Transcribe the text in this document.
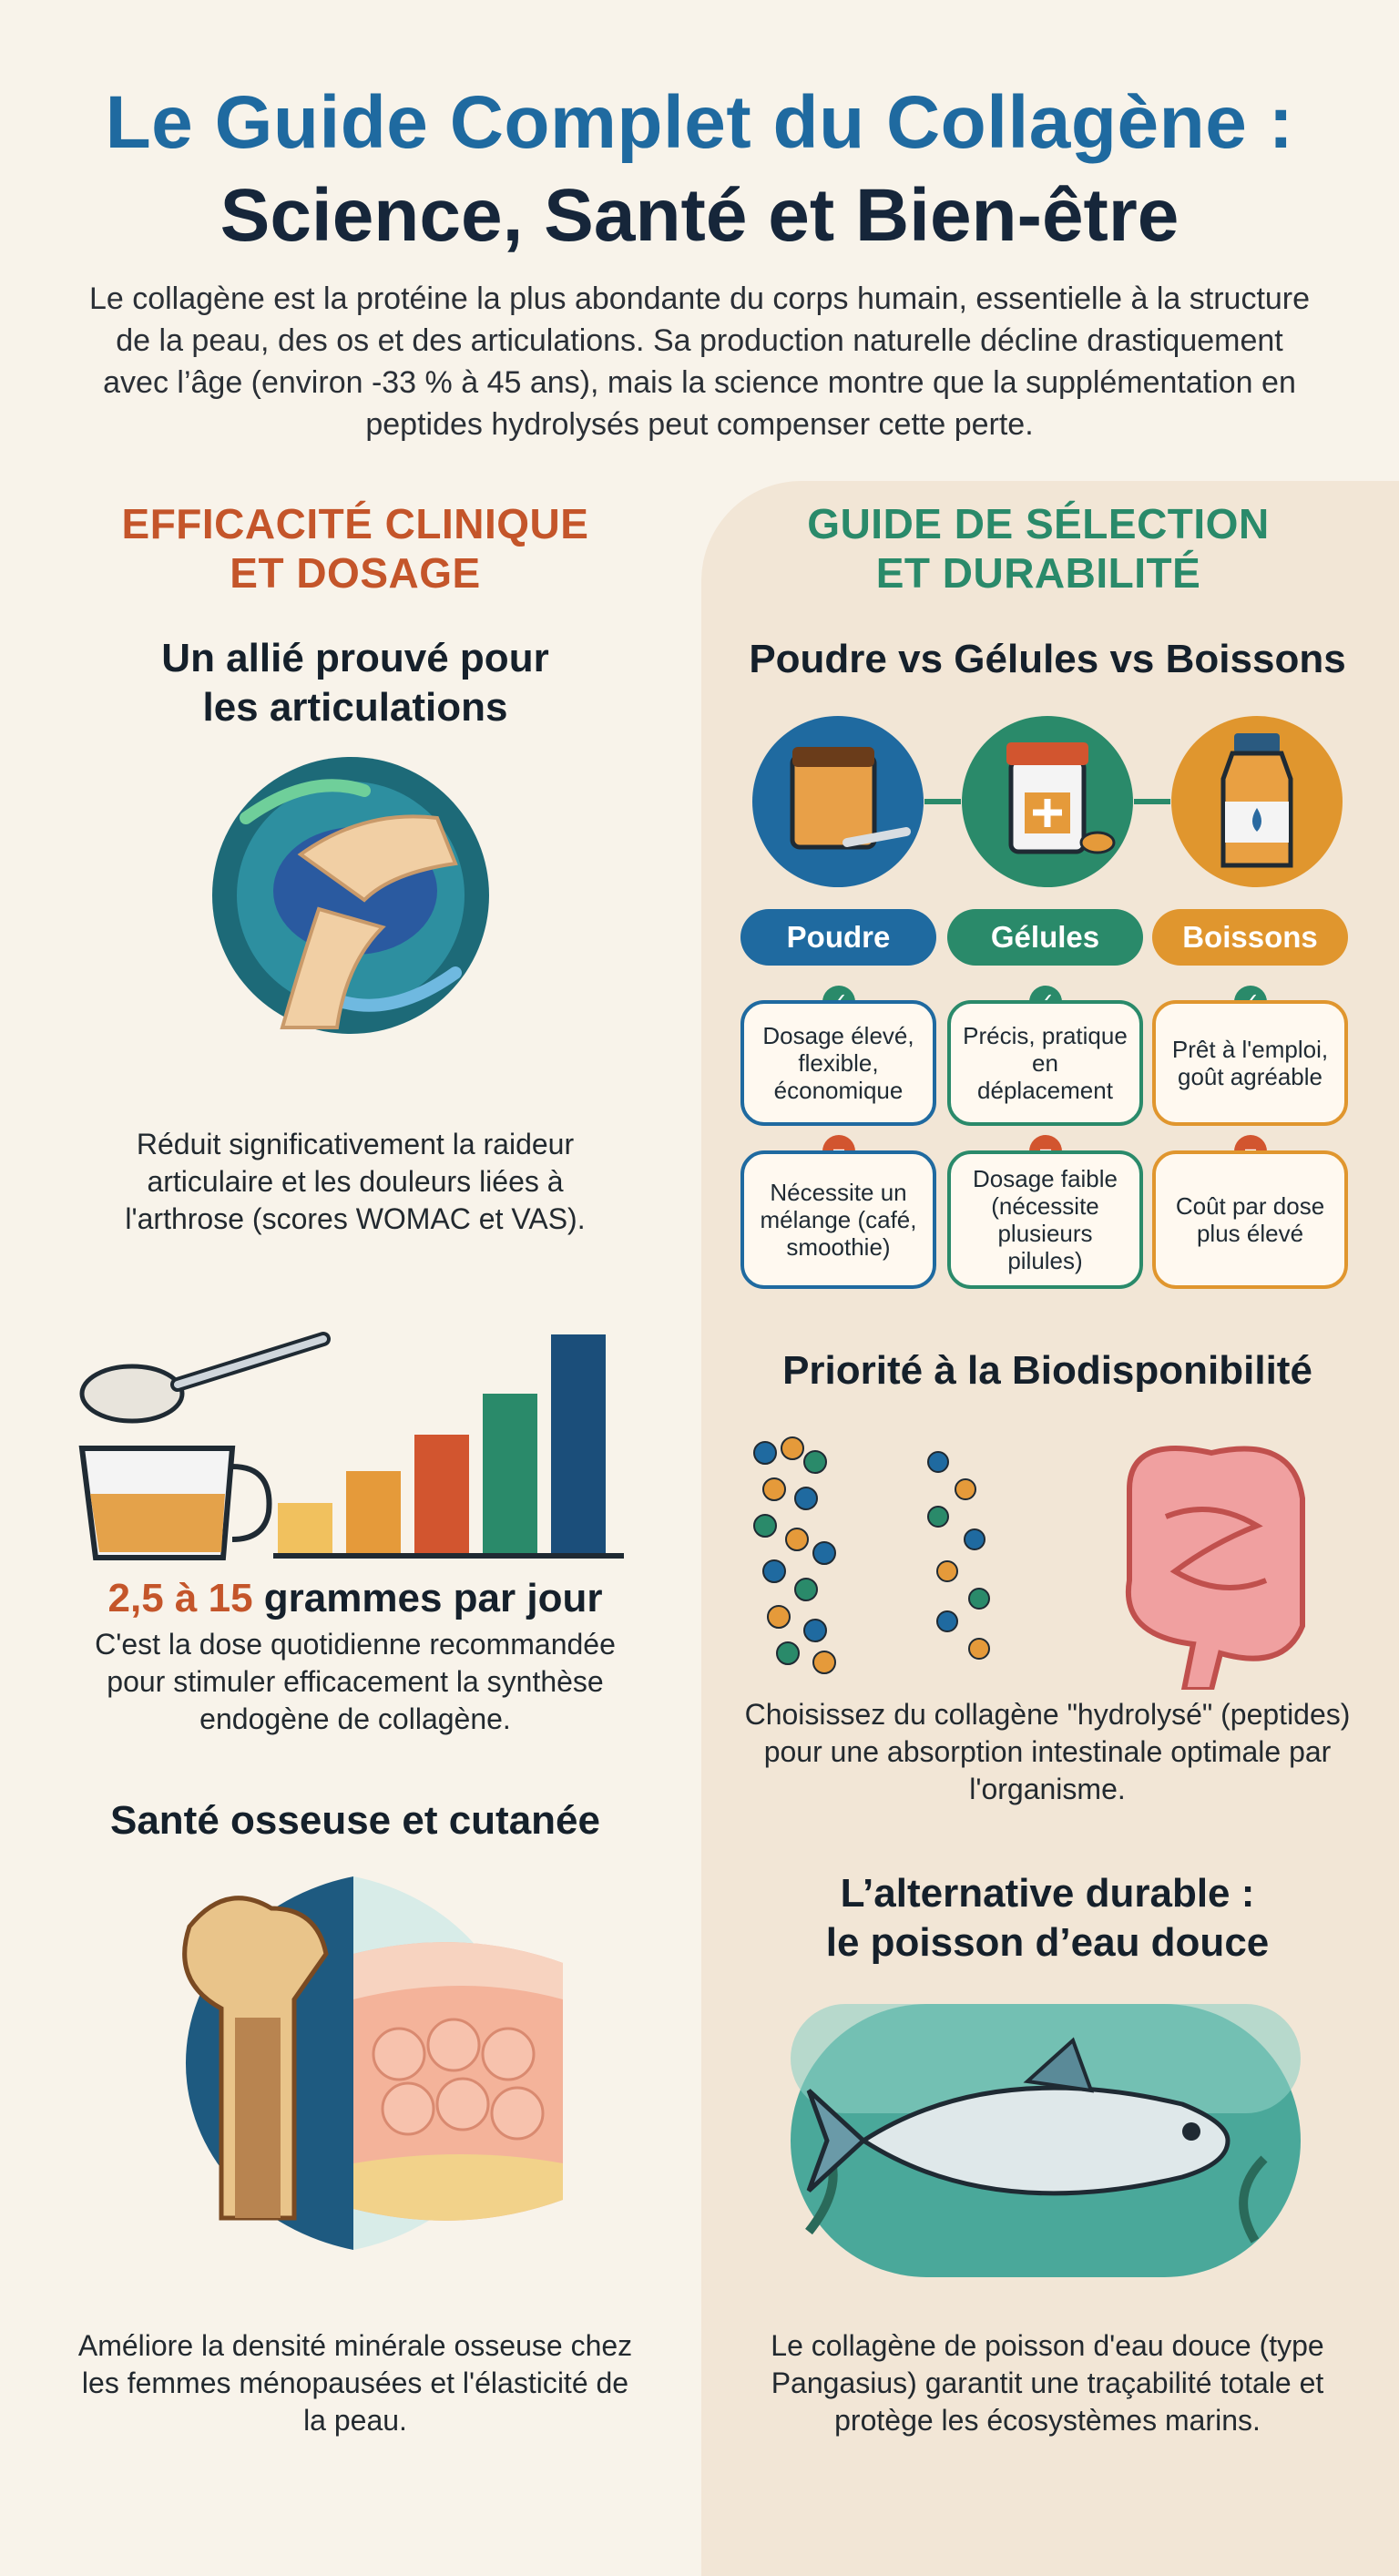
Le Guide Complet du Collagène :
Science, Santé et Bien-être
Le collagène est la protéine la plus abondante du corps humain, essentielle à la structure de la peau, des os et des articulations. Sa production naturelle décline drastiquement avec l’âge (environ -33 % à 45 ans), mais la science montre que la supplémentation en peptides hydrolysés peut compenser cette perte.
EFFICACITÉ CLINIQUE
ET DOSAGE
Un allié prouvé pour
les articulations
Réduit significativement la raideur articulaire et les douleurs liées à l'arthrose (scores WOMAC et VAS).
2,5 à 15 grammes par jour
C'est la dose quotidienne recommandée pour stimuler efficacement la synthèse endogène de collagène.
Santé osseuse et cutanée
Améliore la densité minérale osseuse chez les femmes ménopausées et l'élasticité de la peau.
GUIDE DE SÉLECTION
ET DURABILITÉ
Poudre vs Gélules vs Boissons
Poudre	Gélules	Boissons
Dosage élevé, flexible, économique
Précis, pratique en déplacement
Prêt à l'emploi, goût agréable
Nécessite un mélange (café, smoothie)
Dosage faible (nécessite plusieurs pilules)
Coût par dose plus élevé
Priorité à la Biodisponibilité
Choisissez du collagène "hydrolysé" (peptides) pour une absorption intestinale optimale par l'organisme.
L’alternative durable :
le poisson d’eau douce
Le collagène de poisson d'eau douce (type Pangasius) garantit une traçabilité totale et protège les écosystèmes marins.
